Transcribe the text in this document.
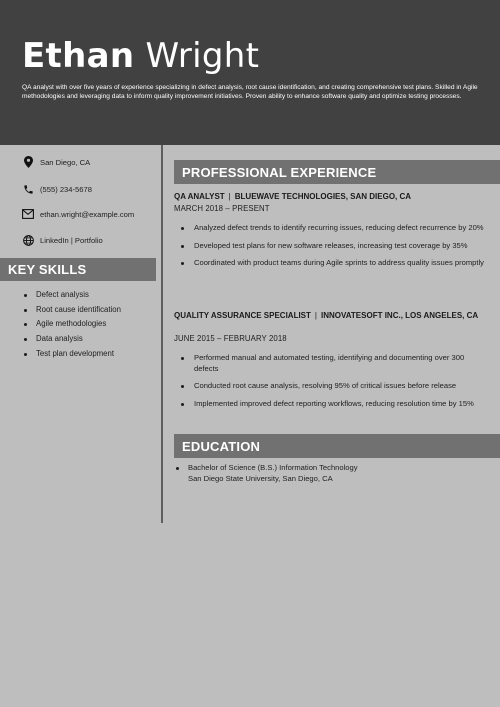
Ethan Wright
QA analyst with over five years of experience specializing in defect analysis, root cause identification, and creating comprehensive test plans. Skilled in Agile methodologies and leveraging data to inform quality improvement initiatives. Proven ability to enhance software quality and optimize testing processes.
San Diego, CA
(555) 234-5678
ethan.wright@example.com
LinkedIn | Portfolio
KEY SKILLS
Defect analysis
Root cause identification
Agile methodologies
Data analysis
Test plan development
PROFESSIONAL EXPERIENCE
QA ANALYST | BLUEWAVE TECHNOLOGIES, SAN DIEGO, CA
MARCH 2018 – PRESENT
Analyzed defect trends to identify recurring issues, reducing defect recurrence by 20%
Developed test plans for new software releases, increasing test coverage by 35%
Coordinated with product teams during Agile sprints to address quality issues promptly
QUALITY ASSURANCE SPECIALIST | INNOVATESOFT INC., LOS ANGELES, CA
JUNE 2015 – FEBRUARY 2018
Performed manual and automated testing, identifying and documenting over 300 defects
Conducted root cause analysis, resolving 95% of critical issues before release
Implemented improved defect reporting workflows, reducing resolution time by 15%
EDUCATION
Bachelor of Science (B.S.) Information Technology
San Diego State University, San Diego, CA
